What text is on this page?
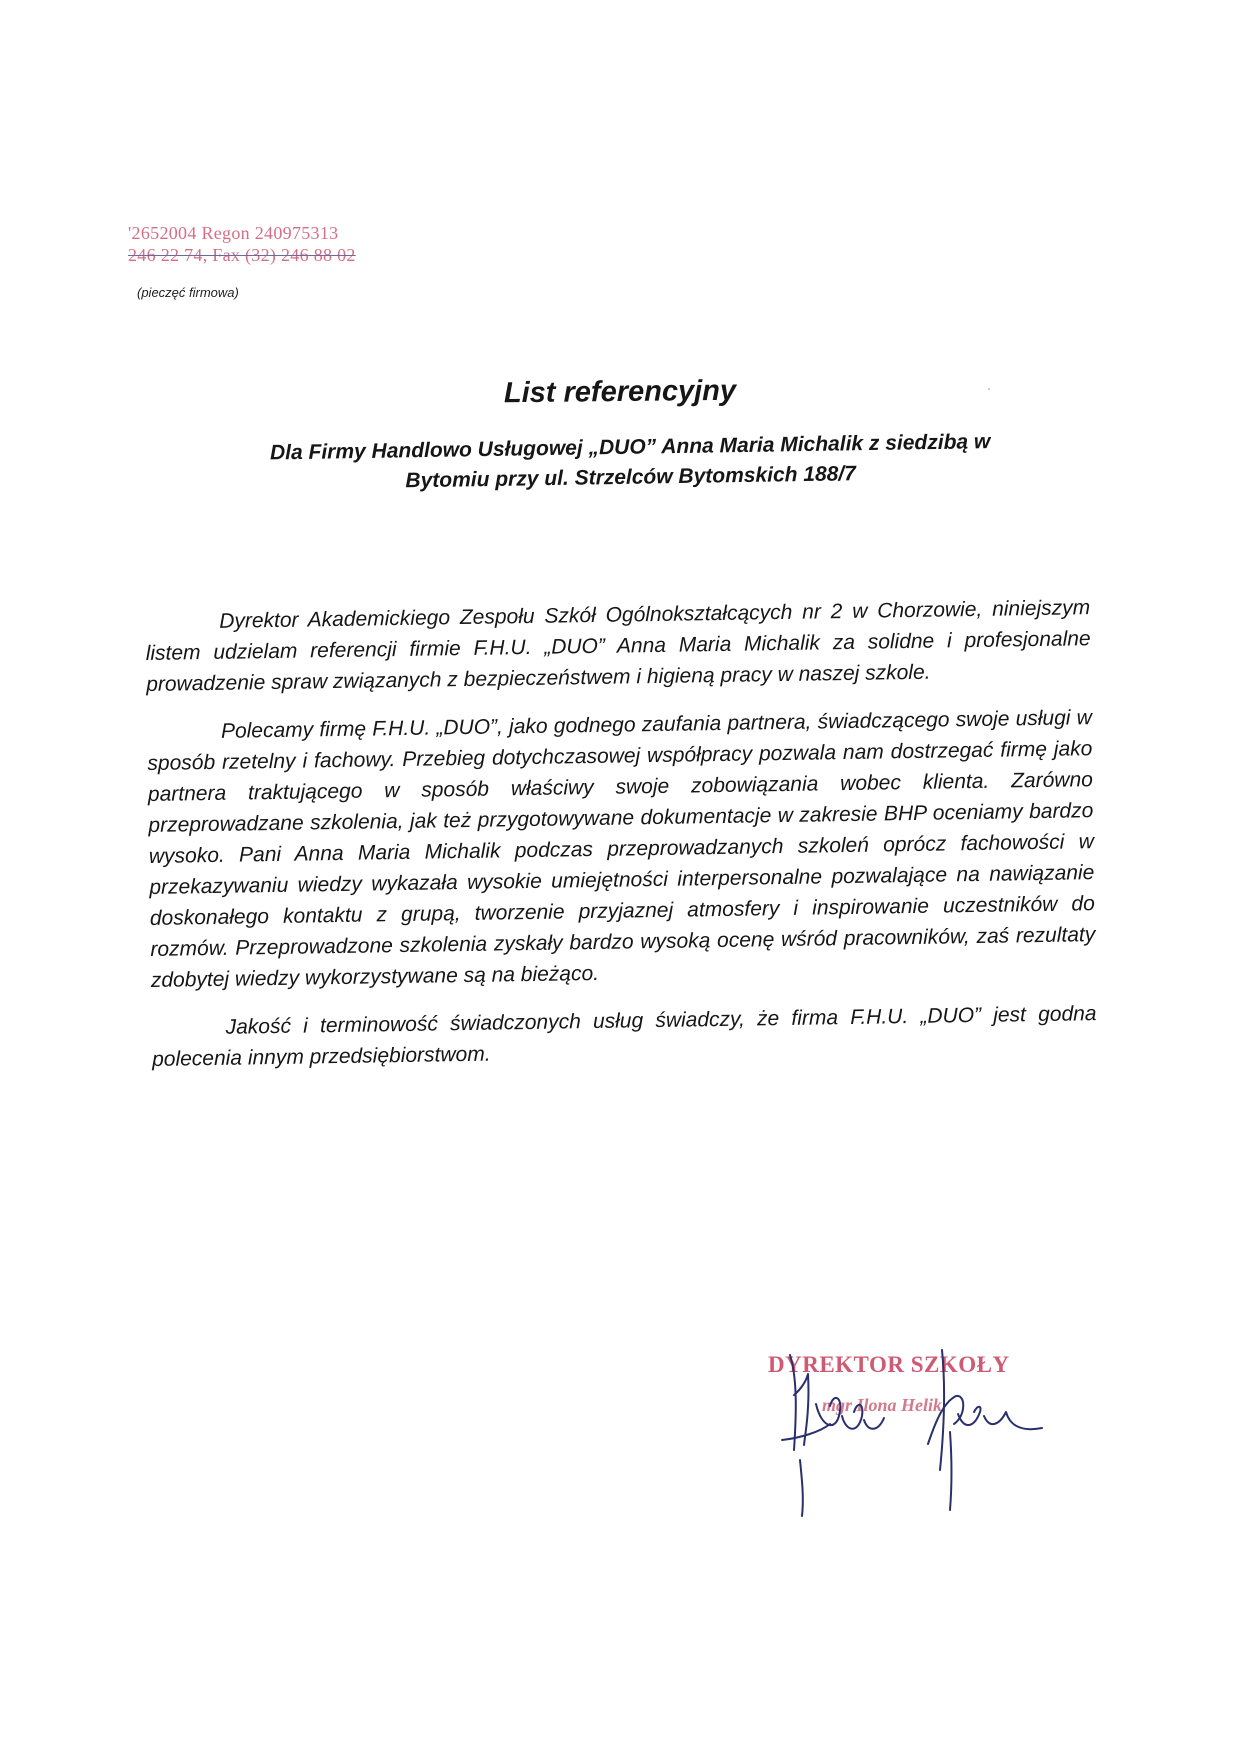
'2652004 Regon 240975313
246 22 74, Fax (32) 246 88 02
(pieczęć firmowa)
List referencyjny
Dla Firmy Handlowo Usługowej „DUO” Anna Maria Michalik z siedzibą w
Bytomiu przy ul. Strzelców Bytomskich 188/7

Dyrektor Akademickiego Zespołu Szkół Ogólnokształcących nr 2 w Chorzowie, niniejszym listem udzielam referencji firmie F.H.U. „DUO” Anna Maria Michalik za solidne i profesjonalne prowadzenie spraw związanych z bezpieczeństwem i higieną pracy w naszej szkole.

Polecamy firmę F.H.U. „DUO”, jako godnego zaufania partnera, świadczącego swoje usługi w sposób rzetelny i fachowy. Przebieg dotychczasowej współpracy pozwala nam dostrzegać firmę jako partnera traktującego w sposób właściwy swoje zobowiązania wobec klienta. Zarówno przeprowadzane szkolenia, jak też przygotowywane dokumentacje w zakresie BHP oceniamy bardzo wysoko. Pani Anna Maria Michalik podczas przeprowadzanych szkoleń oprócz fachowości w przekazywaniu wiedzy wykazała wysokie umiejętności interpersonalne pozwalające na nawiązanie doskonałego kontaktu z grupą, tworzenie przyjaznej atmosfery i inspirowanie uczestników do rozmów. Przeprowadzone szkolenia zyskały bardzo wysoką ocenę wśród pracowników, zaś rezultaty zdobytej wiedzy wykorzystywane są na bieżąco.

Jakość i terminowość świadczonych usług świadczy, że firma F.H.U. „DUO” jest godna polecenia innym przedsiębiorstwom.

DYREKTOR SZKOŁY
mgr Ilona Helik
